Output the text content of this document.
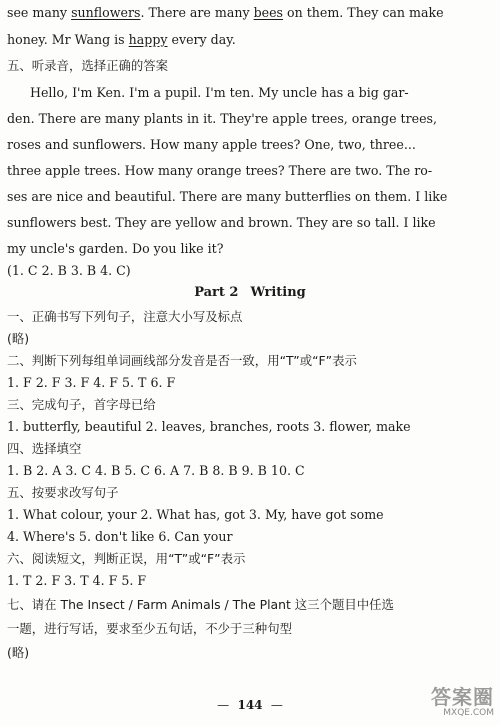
see many sunflowers. There are many bees on them. They can make
honey. Mr Wang is happy every day.
五、听录音，选择正确的答案
Hello, I'm Ken. I'm a pupil. I'm ten. My uncle has a big gar-
den. There are many plants in it. They're apple trees, orange trees,
roses and sunflowers. How many apple trees? One, two, three...
three apple trees. How many orange trees? There are two. The ro-
ses are nice and beautiful. There are many butterflies on them. I like
sunflowers best. They are yellow and brown. They are so tall. I like
my uncle's garden. Do you like it?
(1. C 2. B 3. B 4. C)
Part 2 Writing
一、正确书写下列句子，注意大小写及标点
(略)
二、判断下列每组单词画线部分发音是否一致，用“T”或“F”表示
1. F 2. F 3. F 4. F 5. T 6. F
三、完成句子，首字母已给
1. butterfly, beautiful 2. leaves, branches, roots 3. flower, make
四、选择填空
1. B 2. A 3. C 4. B 5. C 6. A 7. B 8. B 9. B 10. C
五、按要求改写句子
1. What colour, your 2. What has, got 3. My, have got some
4. Where's 5. don't like 6. Can your
六、阅读短文，判断正误，用“T”或“F”表示
1. T 2. F 3. T 4. F 5. F
七、请在 The Insect / Farm Animals / The Plant 这三个题目中任选
一题，进行写话，要求至少五句话，不少于三种句型
(略)
— 144 —	答案圈
MXQE.COM
